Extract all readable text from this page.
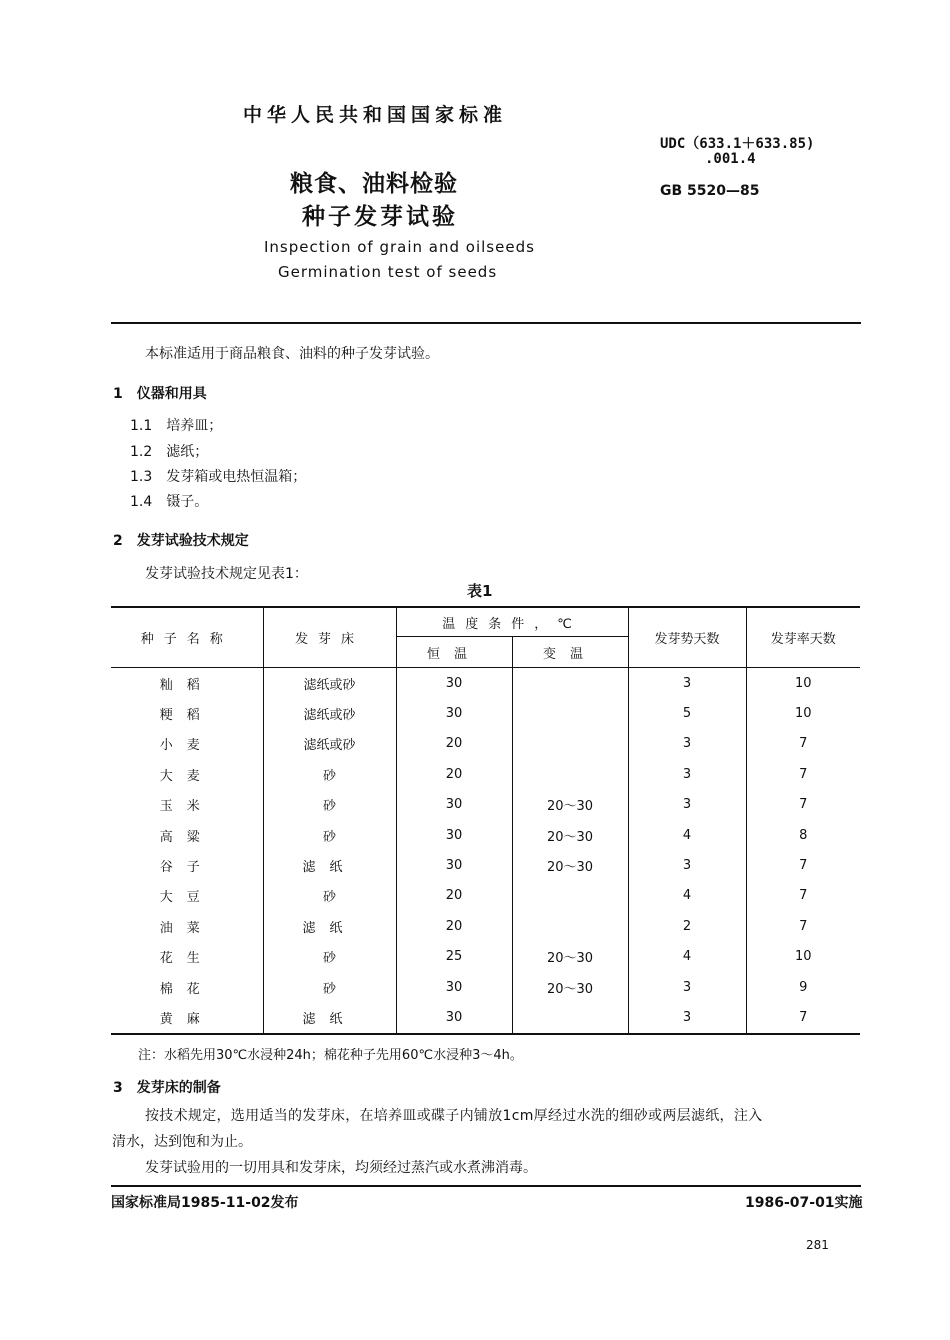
中华人民共和国国家标准
UDC（633.1＋633.85)
.001.4
GB 5520—85
粮食、油料检验
种子发芽试验
Inspection of grain and oilseeds
Germination test of seeds
本标准适用于商品粮食、油料的种子发芽试验。
1　仪器和用具
1.1　培养皿；
1.2　滤纸；
1.3　发芽箱或电热恒温箱；
1.4　镊子。
2　发芽试验技术规定
发芽试验技术规定见表1：
表1
种子名称	发芽床	温度条件，℃		发芽势天数	发芽率天数
		恒温	变温		
籼稻	滤纸或砂	30		3	10
粳稻	滤纸或砂	30		5	10
小麦	滤纸或砂	20		3	7
大麦	砂	20		3	7
玉米	砂	30	20～30	3	7
高粱	砂	30	20～30	4	8
谷子	滤纸	30	20～30	3	7
大豆	砂	20		4	7
油菜	滤纸	20		2	7
花生	砂	25	20～30	4	10
棉花	砂	30	20～30	3	9
黄麻	滤纸	30		3	7
注：水稻先用30℃水浸种24h；棉花种子先用60℃水浸种3～4h。
3　发芽床的制备
按技术规定，选用适当的发芽床，在培养皿或碟子内铺放1cm厚经过水洗的细砂或两层滤纸，注入
清水，达到饱和为止。
发芽试验用的一切用具和发芽床，均须经过蒸汽或水煮沸消毒。
国家标准局1985-11-02发布	1986-07-01实施
281
